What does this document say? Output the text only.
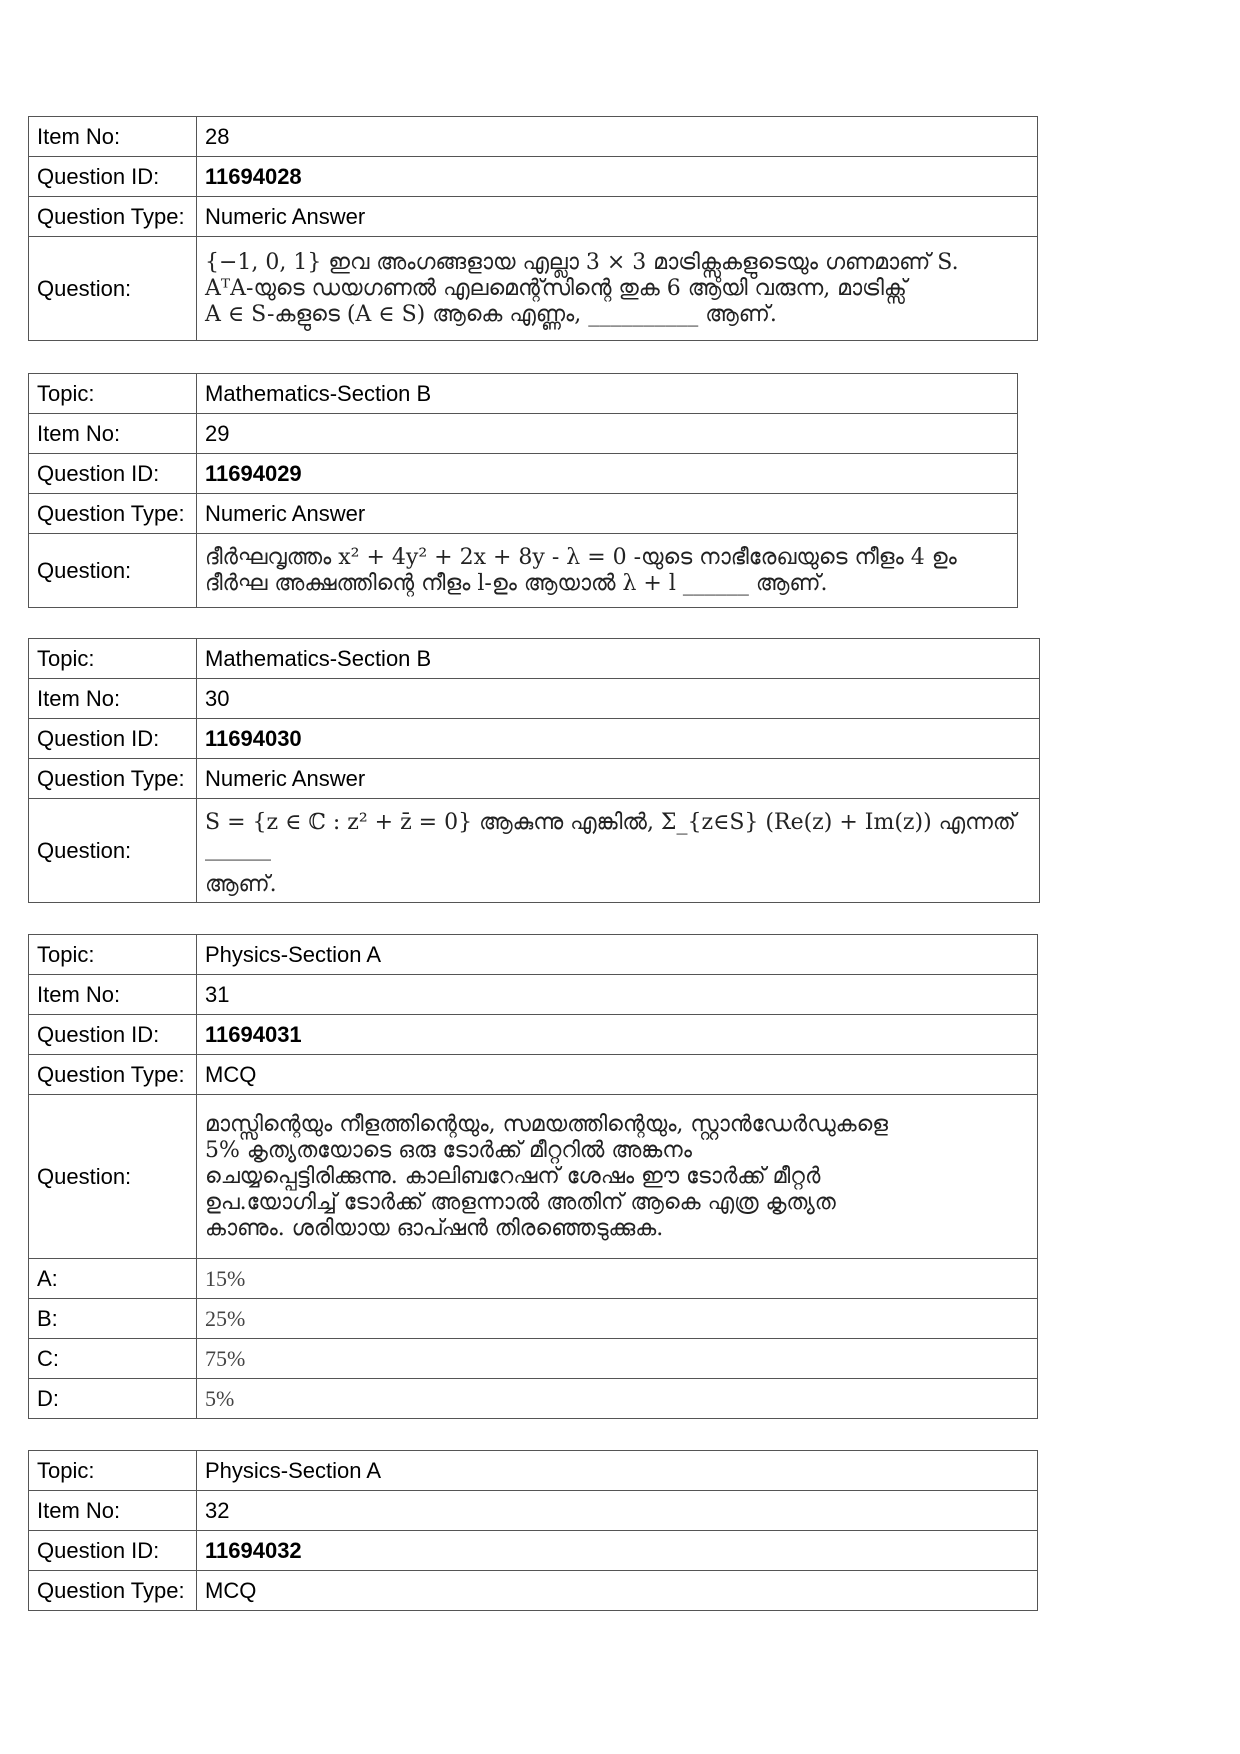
Item No:	28
Question ID:	11694028
Question Type:	Numeric Answer
Question:	{−1, 0, 1} ഇവ അംഗങ്ങളായ എല്ലാ 3 × 3 മാട്രിക്സുകളുടെയും ഗണമാണ് S.
AᵀA-യുടെ ഡയഗണൽ എലമെന്റ്സിന്റെ തുക 6 ആയി വരുന്ന, മാട്രിക്സ്
A ∈ S-കളുടെ (A ∈ S) ആകെ എണ്ണം, __________ ആണ്.
Topic:	Mathematics-Section B
Item No:	29
Question ID:	11694029
Question Type:	Numeric Answer
Question:	ദീർഘവൃത്തം x² + 4y² + 2x + 8y - λ = 0 -യുടെ നാഭീരേഖയുടെ നീളം 4 ഉം
ദീർഘ അക്ഷത്തിന്റെ നീളം l-ഉം ആയാൽ λ + l ______ ആണ്.
Topic:	Mathematics-Section B
Item No:	30
Question ID:	11694030
Question Type:	Numeric Answer
Question:	S = {z ∈ ℂ : z² + z̄ = 0} ആകുന്നു എങ്കിൽ, Σ_{z∈S} (Re(z) + Im(z)) എന്നത് ______
ആണ്.
Topic:	Physics-Section A
Item No:	31
Question ID:	11694031
Question Type:	MCQ
Question:	മാസ്സിന്റെയും നീളത്തിന്റെയും, സമയത്തിന്റെയും, സ്റ്റാൻഡേർഡുകളെ
5% കൃത്യതയോടെ ഒരു ടോർക്ക് മീറ്ററിൽ അങ്കനം
ചെയ്യപ്പെട്ടിരിക്കുന്നു. കാലിബറേഷന് ശേഷം ഈ ടോർക്ക് മീറ്റർ
ഉപ.യോഗിച്ച് ടോർക്ക് അളന്നാൽ അതിന് ആകെ എത്ര കൃത്യത
കാണും. ശരിയായ ഓപ്ഷൻ തിരഞ്ഞെടുക്കുക.

A:	15%
B:	25%
C:	75%
D:	5%
Topic:	Physics-Section A
Item No:	32
Question ID:	11694032
Question Type:	MCQ
